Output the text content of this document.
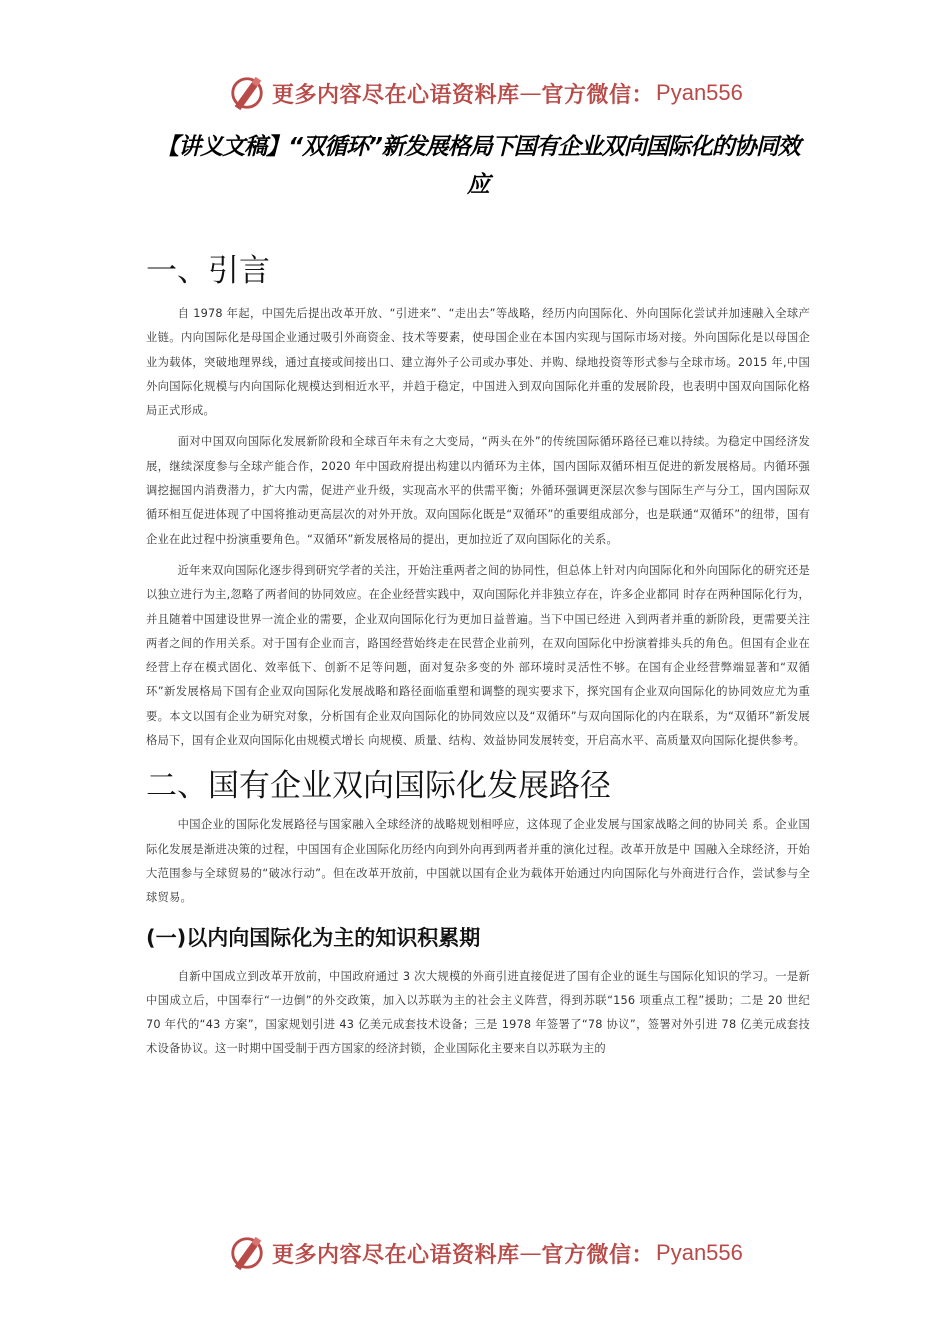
更多内容尽在心语资料库 — 官方微信： Pyan556
【讲义文稿】“双循环”新发展格局下国有企业双向国际化的协同效应
一、引言

自 1978 年起，中国先后提出改革开放、“引进来”、“走出去”等战略，经历内向国际化、外向国际化尝试并加速融入全球产业链。内向国际化是母国企业通过吸引外商资金、技术等要素，使母国企业在本国内实现与国际市场对接。外向国际化是以母国企业为载体，突破地理界线，通过直接或间接出口、建立海外子公司或办事处、并购、绿地投资等形式参与全球市场。2015 年,中国外向国际化规模与内向国际化规模达到相近水平，并趋于稳定，中国进入到双向国际化并重的发展阶段，也表明中国双向国际化格局正式形成。

面对中国双向国际化发展新阶段和全球百年未有之大变局，“两头在外”的传统国际循环路径已难以持续。为稳定中国经济发展，继续深度参与全球产能合作，2020 年中国政府提出构建以内循环为主体，国内国际双循环相互促进的新发展格局。内循环强调挖掘国内消费潜力，扩大内需，促进产业升级，实现高水平的供需平衡；外循环强调更深层次参与国际生产与分工，国内国际双循环相互促进体现了中国将推动更高层次的对外开放。双向国际化既是“双循环”的重要组成部分，也是联通“双循环”的纽带，国有企业在此过程中扮演重要角色。“双循环”新发展格局的提出，更加拉近了双向国际化的关系。

近年来双向国际化逐步得到研究学者的关注，开始注重两者之间的协同性，但总体上针对内向国际化和外向国际化的研究还是以独立进行为主,忽略了两者间的协同效应。在企业经营实践中，双向国际化并非独立存在，许多企业都同 时存在两种国际化行为，并且随着中国建设世界一流企业的需要，企业双向国际化行为更加日益普遍。当下中国已经进 入到两者并重的新阶段，更需要关注两者之间的作用关系。对于国有企业而言，路国经营始终走在民营企业前列，在双向国际化中扮演着排头兵的角色。但国有企业在经营上存在模式固化、效率低下、创新不足等问题，面对复杂多变的外 部环境时灵活性不够。在国有企业经营弊端显著和“双循环”新发展格局下国有企业双向国际化发展战略和路径面临重塑和调整的现实要求下，探究国有企业双向国际化的协同效应尤为重要。本文以国有企业为研究对象，分析国有企业双向国际化的协同效应以及“双循环”与双向国际化的内在联系，为“双循环”新发展格局下，国有企业双向国际化由规模式增长 向规模、质量、结构、效益协同发展转变，开启高水平、高质量双向国际化提供参考。

二、国有企业双向国际化发展路径

中国企业的国际化发展路径与国家融入全球经济的战略规划相呼应，这体现了企业发展与国家战略之间的协同关 系。企业国际化发展是渐进决策的过程，中国国有企业国际化历经内向到外向再到两者并重的演化过程。改革开放是中 国融入全球经济，开始大范围参与全球贸易的“破冰行动”。但在改革开放前，中国就以国有企业为载体开始通过内向国际化与外商进行合作，尝试参与全球贸易。

(一)以内向国际化为主的知识积累期

自新中国成立到改革开放前，中国政府通过 3 次大规模的外商引进直接促进了国有企业的诞生与国际化知识的学习。一是新中国成立后，中国奉行“一边倒”的外交政策，加入以苏联为主的社会主义阵营，得到苏联“156 项重点工程”援助；二是 20 世纪 70 年代的“43 方案”，国家规划引进 43 亿美元成套技术设备；三是 1978 年签署了“78 协议”，签署对外引进 78 亿美元成套技术设备协议。这一时期中国受制于西方国家的经济封锁，企业国际化主要来自以苏联为主的

更多内容尽在心语资料库 — 官方微信： Pyan556
